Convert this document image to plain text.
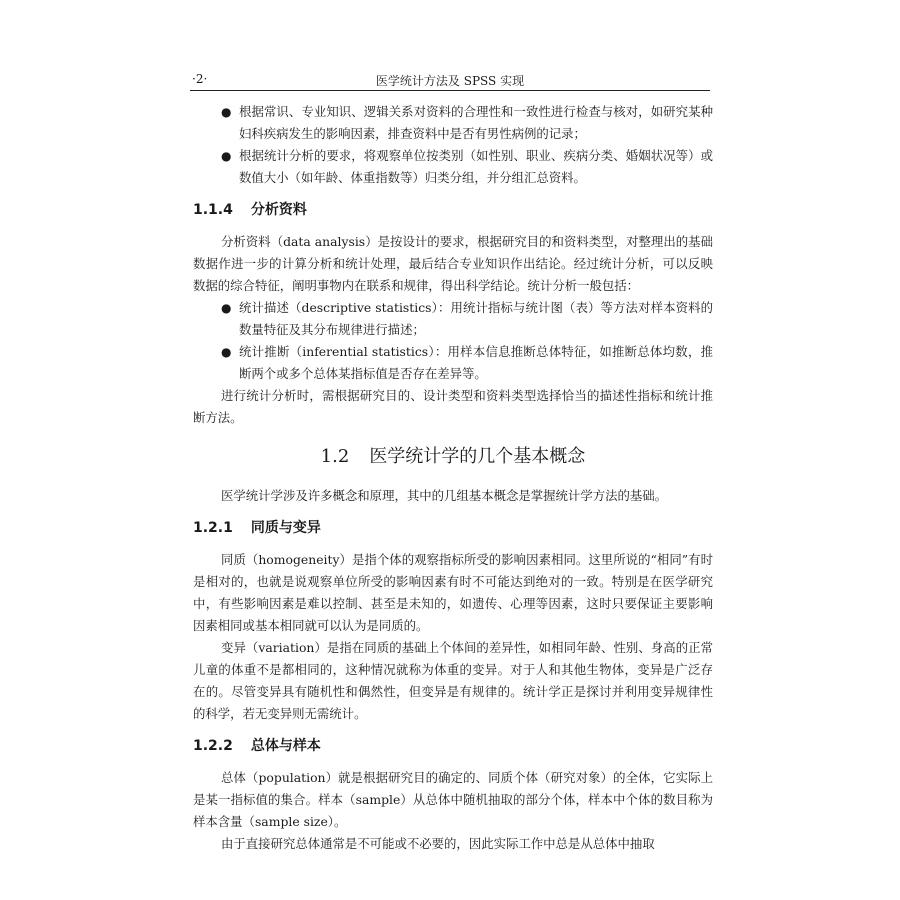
·2·	医学统计方法及 SPSS 实现
● 根据常识、专业知识、逻辑关系对资料的合理性和一致性进行检查与核对，如研究某种妇科疾病发生的影响因素，排查资料中是否有男性病例的记录；
● 根据统计分析的要求，将观察单位按类别（如性别、职业、疾病分类、婚姻状况等）或数值大小（如年龄、体重指数等）归类分组，并分组汇总资料。
1.1.4 分析资料

分析资料（data analysis）是按设计的要求，根据研究目的和资料类型，对整理出的基础数据作进一步的计算分析和统计处理，最后结合专业知识作出结论。经过统计分析，可以反映数据的综合特征，阐明事物内在联系和规律，得出科学结论。统计分析一般包括：

● 统计描述（descriptive statistics）：用统计指标与统计图（表）等方法对样本资料的数量特征及其分布规律进行描述；
● 统计推断（inferential statistics）：用样本信息推断总体特征，如推断总体均数，推断两个或多个总体某指标值是否存在差异等。

进行统计分析时，需根据研究目的、设计类型和资料类型选择恰当的描述性指标和统计推断方法。

1.2 医学统计学的几个基本概念

医学统计学涉及许多概念和原理，其中的几组基本概念是掌握统计学方法的基础。

1.2.1 同质与变异

同质（homogeneity）是指个体的观察指标所受的影响因素相同。这里所说的“相同”有时是相对的，也就是说观察单位所受的影响因素有时不可能达到绝对的一致。特别是在医学研究中，有些影响因素是难以控制、甚至是未知的，如遗传、心理等因素，这时只要保证主要影响因素相同或基本相同就可以认为是同质的。

变异（variation）是指在同质的基础上个体间的差异性，如相同年龄、性别、身高的正常儿童的体重不是都相同的，这种情况就称为体重的变异。对于人和其他生物体，变异是广泛存在的。尽管变异具有随机性和偶然性，但变异是有规律的。统计学正是探讨并利用变异规律性的科学，若无变异则无需统计。

1.2.2 总体与样本

总体（population）就是根据研究目的确定的、同质个体（研究对象）的全体，它实际上是某一指标值的集合。样本（sample）从总体中随机抽取的部分个体，样本中个体的数目称为样本含量（sample size）。

由于直接研究总体通常是不可能或不必要的，因此实际工作中总是从总体中抽取
